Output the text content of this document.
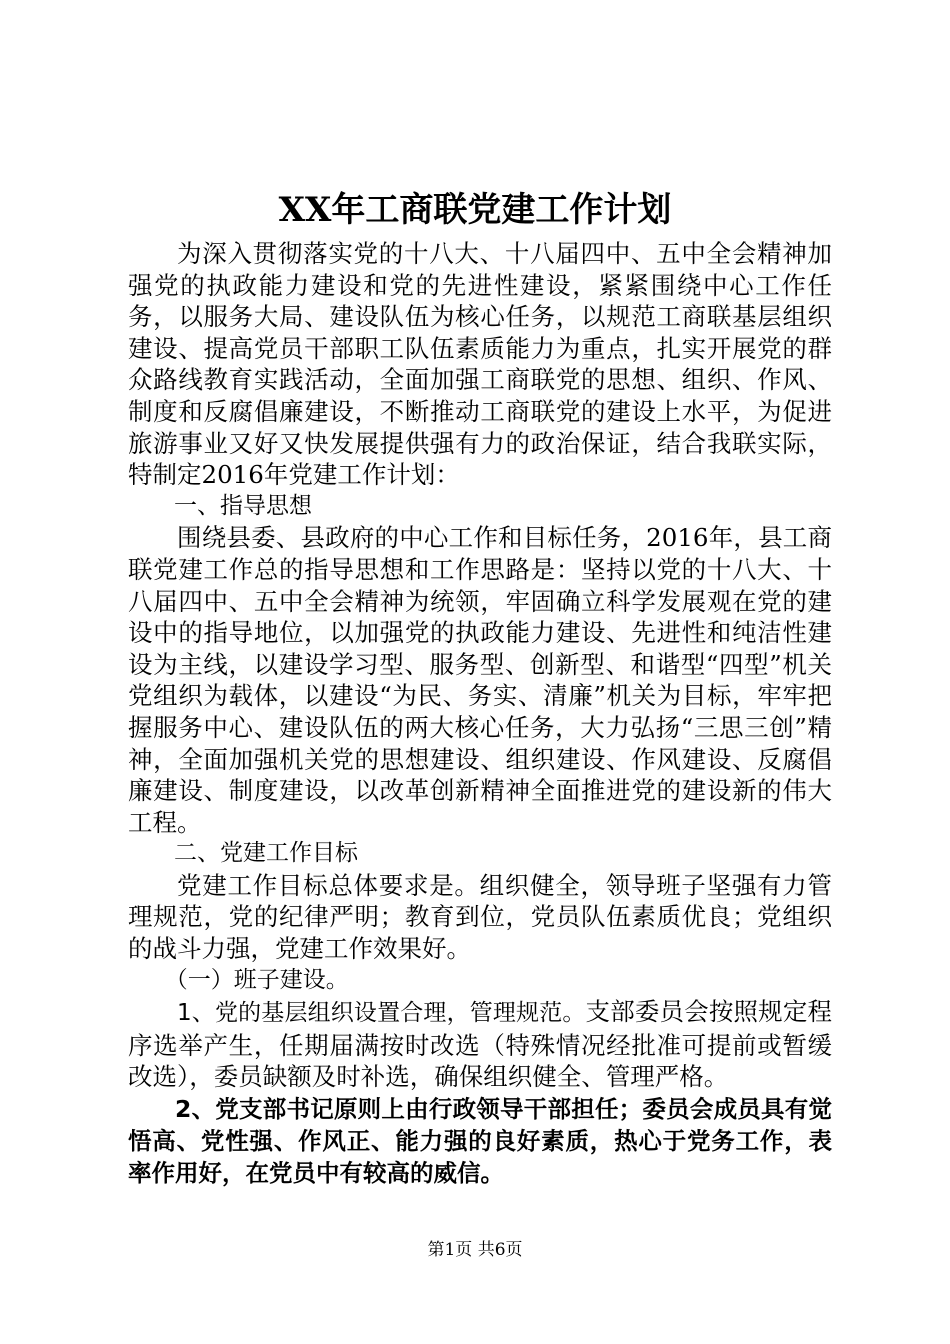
XX年工商联党建工作计划

为深入贯彻落实党的十八大、十八届四中、五中全会精神加强党的执政能力建设和党的先进性建设，紧紧围绕中心工作任务，以服务大局、建设队伍为核心任务，以规范工商联基层组织建设、提高党员干部职工队伍素质能力为重点，扎实开展党的群众路线教育实践活动，全面加强工商联党的思想、组织、作风、制度和反腐倡廉建设，不断推动工商联党的建设上水平，为促进旅游事业又好又快发展提供强有力的政治保证，结合我联实际，特制定2016年党建工作计划：

一、指导思想

围绕县委、县政府的中心工作和目标任务，2016年，县工商联党建工作总的指导思想和工作思路是：坚持以党的十八大、十八届四中、五中全会精神为统领，牢固确立科学发展观在党的建设中的指导地位，以加强党的执政能力建设、先进性和纯洁性建设为主线，以建设学习型、服务型、创新型、和谐型“四型”机关党组织为载体，以建设“为民、务实、清廉”机关为目标，牢牢把握服务中心、建设队伍的两大核心任务，大力弘扬“三思三创”精神，全面加强机关党的思想建设、组织建设、作风建设、反腐倡廉建设、制度建设，以改革创新精神全面推进党的建设新的伟大工程。

二、党建工作目标

党建工作目标总体要求是。组织健全，领导班子坚强有力管理规范，党的纪律严明；教育到位，党员队伍素质优良；党组织的战斗力强，党建工作效果好。

（一）班子建设。

1、党的基层组织设置合理，管理规范。支部委员会按照规定程序选举产生，任期届满按时改选（特殊情况经批准可提前或暂缓改选），委员缺额及时补选，确保组织健全、管理严格。

2、党支部书记原则上由行政领导干部担任；委员会成员具有觉悟高、党性强、作风正、能力强的良好素质，热心于党务工作，表率作用好，在党员中有较高的威信。

第1页 共6页
